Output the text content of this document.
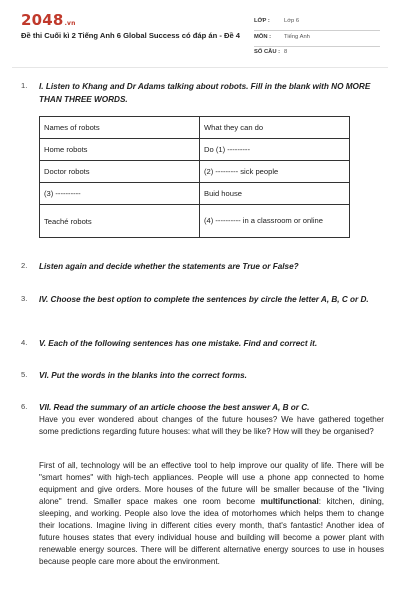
2048.vn
Đề thi Cuối kì 2 Tiếng Anh 6 Global Success có đáp án - Đề 4
LỚP : Lớp 6
MÔN : Tiếng Anh
SỐ CÂU : 8
1. I. Listen to Khang and Dr Adams talking about robots. Fill in the blank with NO MORE THAN THREE WORDS.
Names of robots	What they can do
Home robots	Do (1) ---------
Doctor robots	(2) --------- sick people
(3) ----------	Buid house
Teaché robots	(4) ---------- in a classroom or online
2. Listen again and decide whether the statements are True or False?
3. IV. Choose the best option to complete the sentences by circle the letter A, B, C or D.
4. V. Each of the following sentences has one mistake. Find and correct it.
5. VI. Put the words in the blanks into the correct forms.
6. VII. Read the summary of an article choose the best answer A, B or C.
Have you ever wondered about changes of the future houses? We have gathered together some predictions regarding future houses: what will they be like? How will they be organised?
First of all, technology will be an effective tool to help improve our quality of life. There will be "smart homes" with high-tech appliances. People will use a phone app connected to home equipment and give orders. More houses of the future will be smaller because of the "living alone" trend. Smaller space makes one room become multifunctional: kitchen, dining, sleeping, and working. People also love the idea of motorhomes which helps them to change their locations. Imagine living in different cities every month, that's fantastic! Another idea of future houses states that every individual house and building will become a power plant with renewable energy sources. There will be different alternative energy sources to use in houses because people care more about the environment.
